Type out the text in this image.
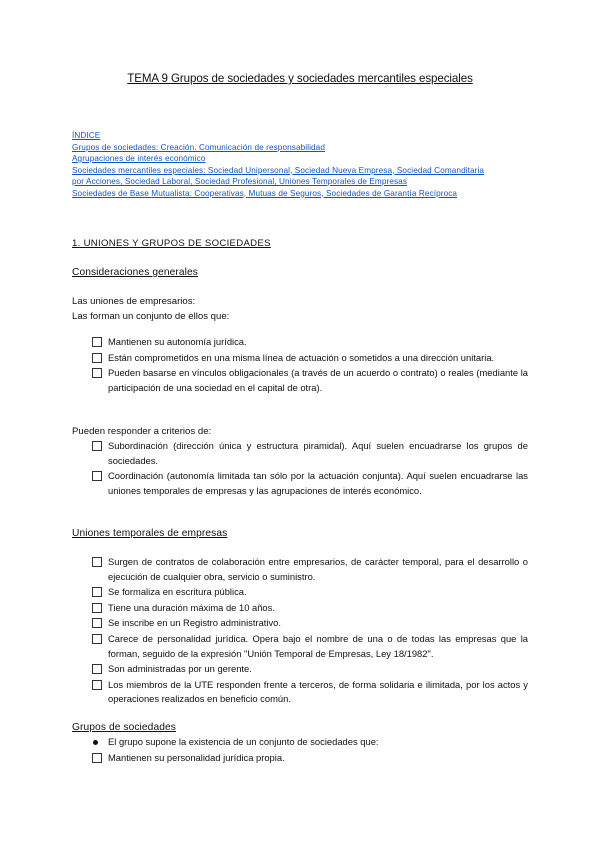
TEMA 9 Grupos de sociedades y sociedades mercantiles especiales
ÍNDICE
Grupos de sociedades: Creación. Comunicación de responsabilidad
Agrupaciones de interés económico
Sociedades mercantiles especiales: Sociedad Unipersonal, Sociedad Nueva Empresa, Sociedad Comanditaria
por Acciones, Sociedad Laboral, Sociedad Profesional, Uniones Temporales de Empresas
Sociedades de Base Mutualista: Cooperativas, Mutuas de Seguros, Sociedades de Garantía Recíproca
1. UNIONES Y GRUPOS DE SOCIEDADES
Consideraciones generales
Las uniones de empresarios:
Las forman un conjunto de ellos que:
Mantienen su autonomía jurídica.
Están comprometidos en una misma línea de actuación o sometidos a una dirección unitaria.
Pueden basarse en vínculos obligacionales (a través de un acuerdo o contrato) o reales (mediante la participación de una sociedad en el capital de otra).
Pueden responder a criterios de:
Subordinación (dirección única y estructura piramidal). Aquí suelen encuadrarse los grupos de sociedades.
Coordinación (autonomía limitada tan sólo por la actuación conjunta). Aquí suelen encuadrarse las uniones temporales de empresas y las agrupaciones de interés económico.
Uniones temporales de empresas
Surgen de contratos de colaboración entre empresarios, de carácter temporal, para el desarrollo o ejecución de cualquier obra, servicio o suministro.
Se formaliza en escritura pública.
Tiene una duración máxima de 10 años.
Se inscribe en un Registro administrativo.
Carece de personalidad jurídica. Opera bajo el nombre de una o de todas las empresas que la forman, seguido de la expresión "Unión Temporal de Empresas, Ley 18/1982".
Son administradas por un gerente.
Los miembros de la UTE responden frente a terceros, de forma solidaria e ilimitada, por los actos y operaciones realizados en beneficio común.
Grupos de sociedades
El grupo supone la existencia de un conjunto de sociedades que:
Mantienen su personalidad jurídica propia.
